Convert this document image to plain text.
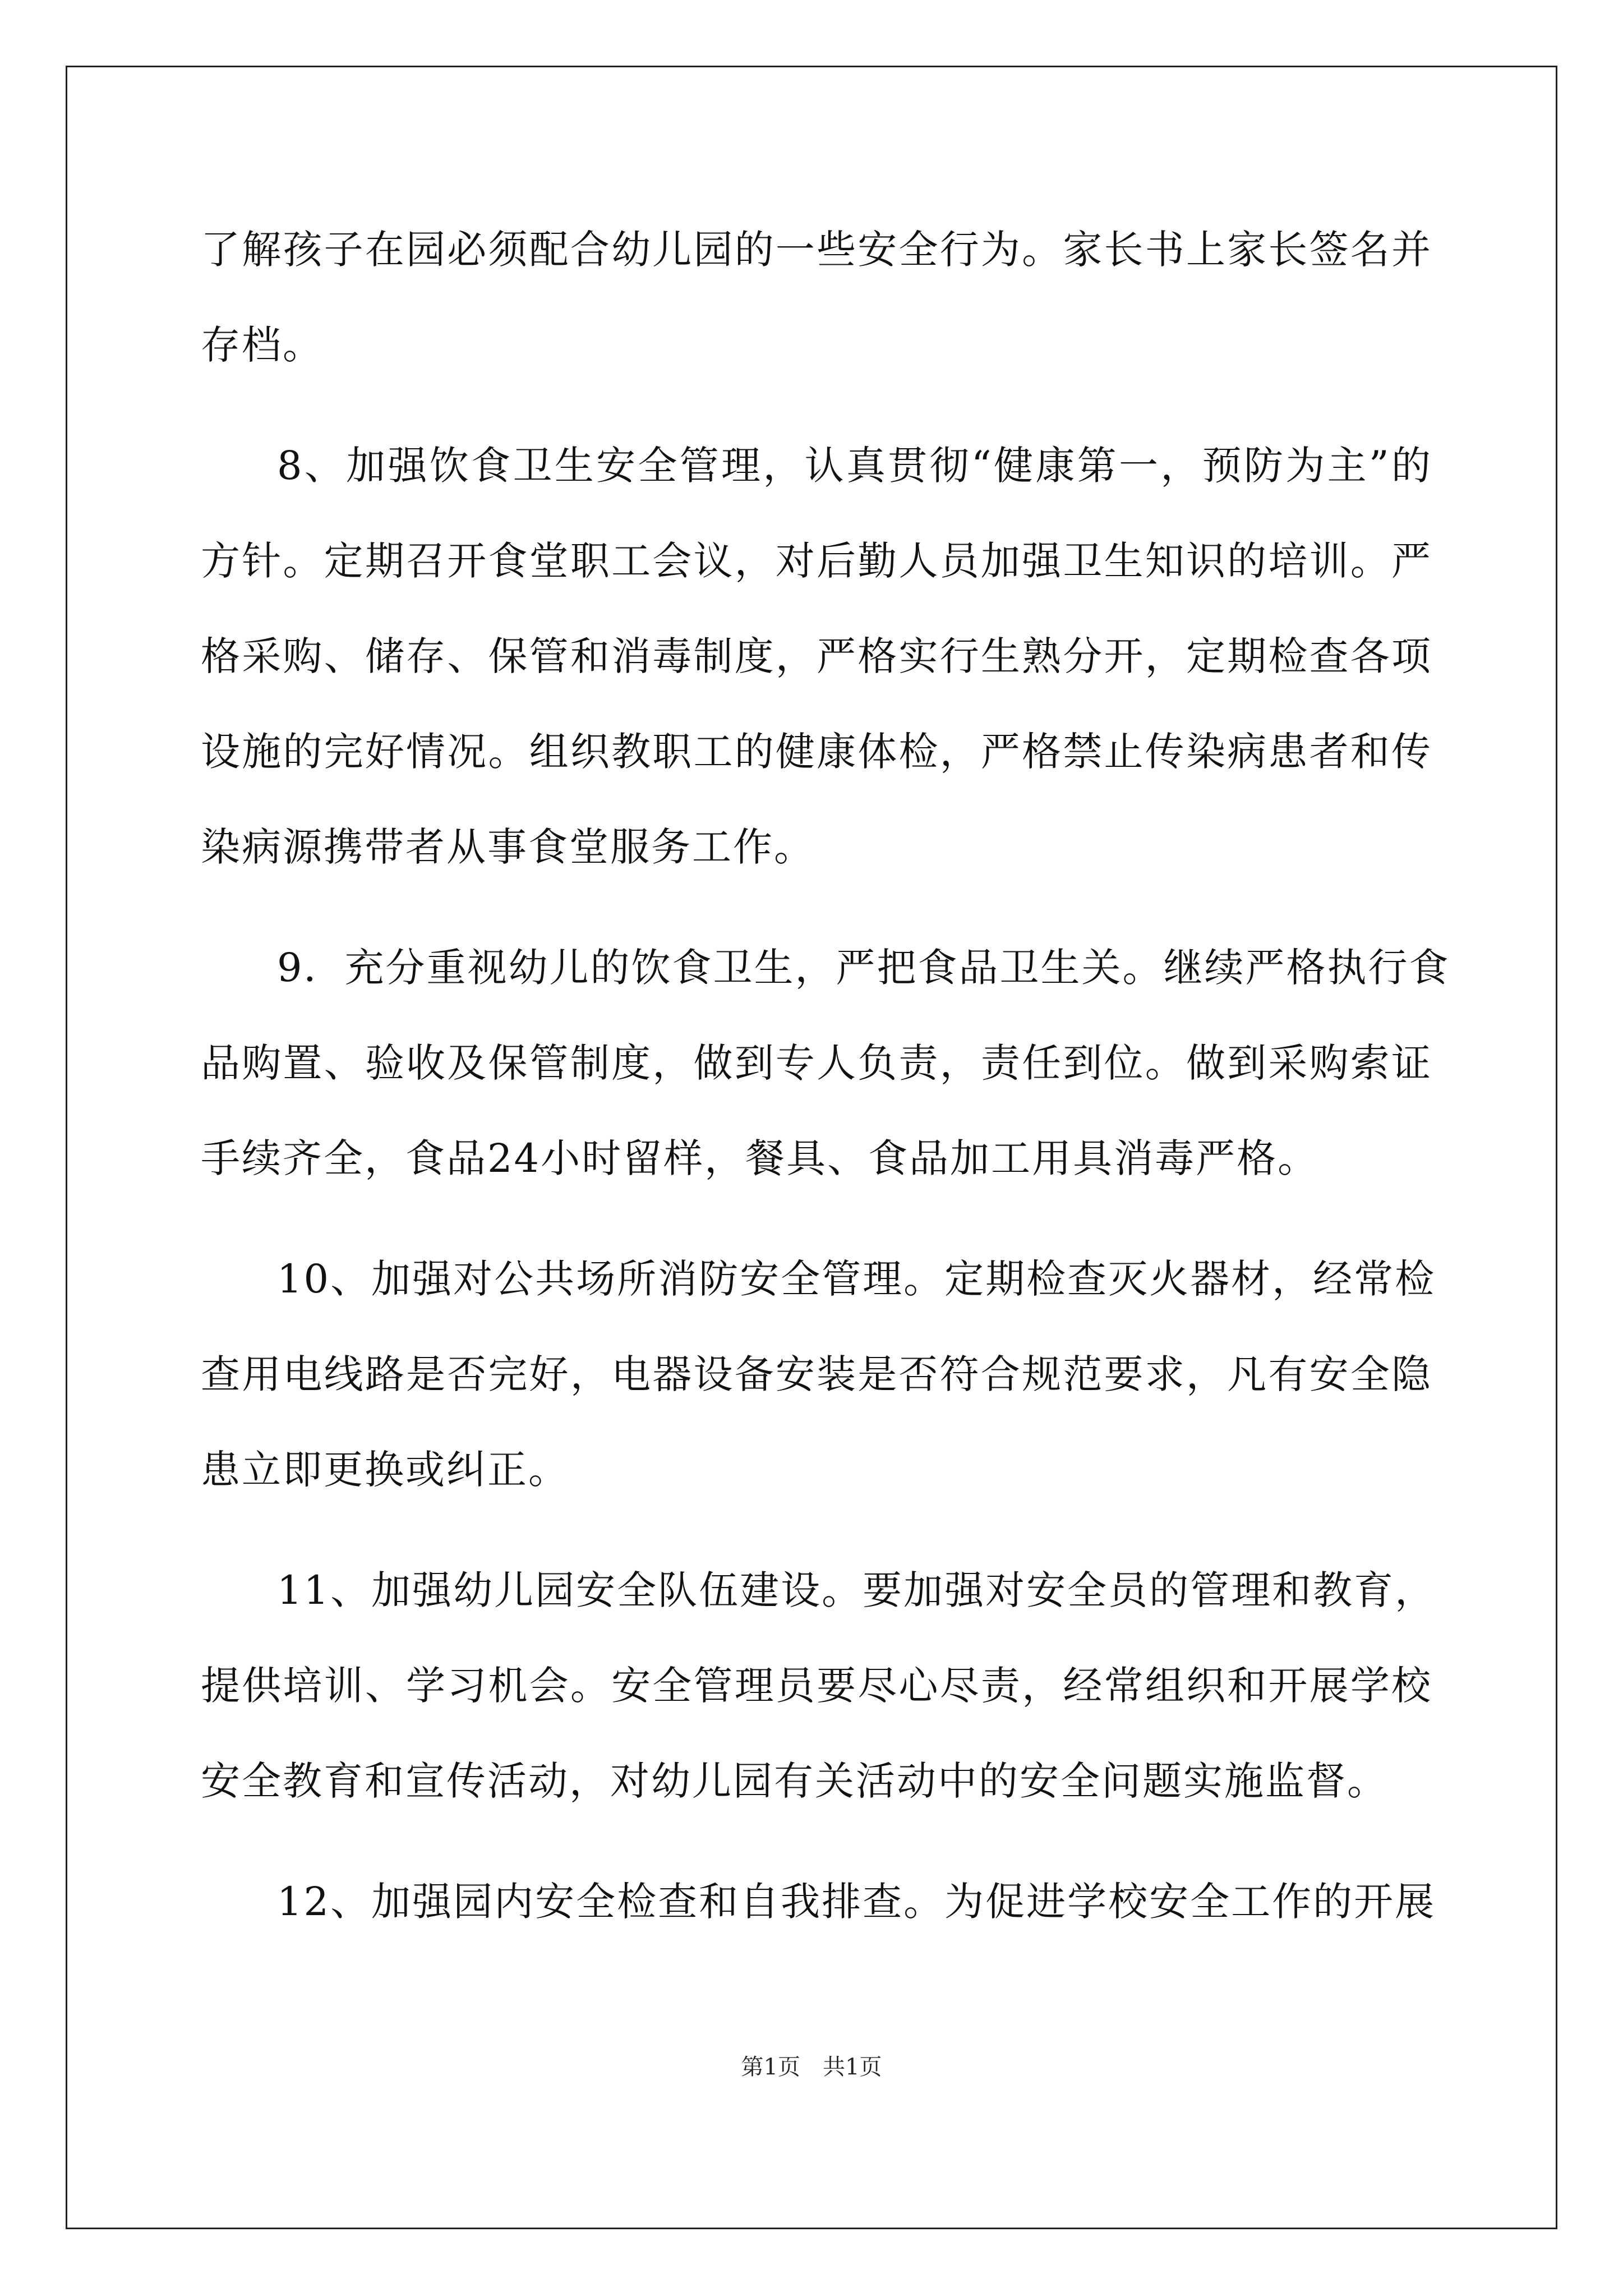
了解孩子在园必须配合幼儿园的一些安全行为。家长书上家长签名并
存档。
8、加强饮食卫生安全管理，认真贯彻“健康第一，预防为主”的
方针。定期召开食堂职工会议，对后勤人员加强卫生知识的培训。严
格采购、储存、保管和消毒制度，严格实行生熟分开，定期检查各项
设施的完好情况。组织教职工的健康体检，严格禁止传染病患者和传
染病源携带者从事食堂服务工作。
9．充分重视幼儿的饮食卫生，严把食品卫生关。继续严格执行食
品购置、验收及保管制度，做到专人负责，责任到位。做到采购索证
手续齐全，食品24小时留样，餐具、食品加工用具消毒严格。
10、加强对公共场所消防安全管理。定期检查灭火器材，经常检
查用电线路是否完好，电器设备安装是否符合规范要求，凡有安全隐
患立即更换或纠正。
11、加强幼儿园安全队伍建设。要加强对安全员的管理和教育，
提供培训、学习机会。安全管理员要尽心尽责，经常组织和开展学校
安全教育和宣传活动，对幼儿园有关活动中的安全问题实施监督。
12、加强园内安全检查和自我排查。为促进学校安全工作的开展
第1页　共1页
